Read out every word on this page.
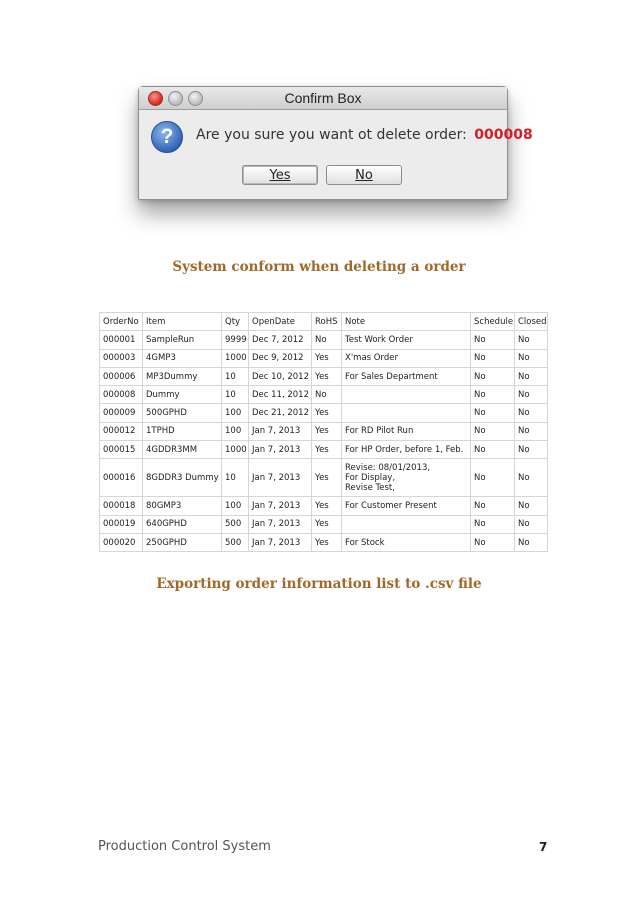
Confirm Box
?	Are you sure you want ot delete order: 000008
Yes	No
System conform when deleting a order
OrderNo	Item	Qty	OpenDate	RoHS	Note	Schedule	Closed
000001	SampleRun	9999	Dec 7, 2012	No	Test Work Order	No	No
000003	4GMP3	1000	Dec 9, 2012	Yes	X'mas Order	No	No
000006	MP3Dummy	10	Dec 10, 2012	Yes	For Sales Department	No	No
000008	Dummy	10	Dec 11, 2012	No		No	No
000009	500GPHD	100	Dec 21, 2012	Yes		No	No
000012	1TPHD	100	Jan 7, 2013	Yes	For RD Pilot Run	No	No
000015	4GDDR3MM	1000	Jan 7, 2013	Yes	For HP Order, before 1, Feb.	No	No
000016	8GDDR3 Dummy	10	Jan 7, 2013	Yes	Revise: 08/01/2013,
For Display,
Revise Test,	No	No
000018	80GMP3	100	Jan 7, 2013	Yes	For Customer Present	No	No
000019	640GPHD	500	Jan 7, 2013	Yes		No	No
000020	250GPHD	500	Jan 7, 2013	Yes	For Stock	No	No
Exporting order information list to .csv file
Production Control System	7
